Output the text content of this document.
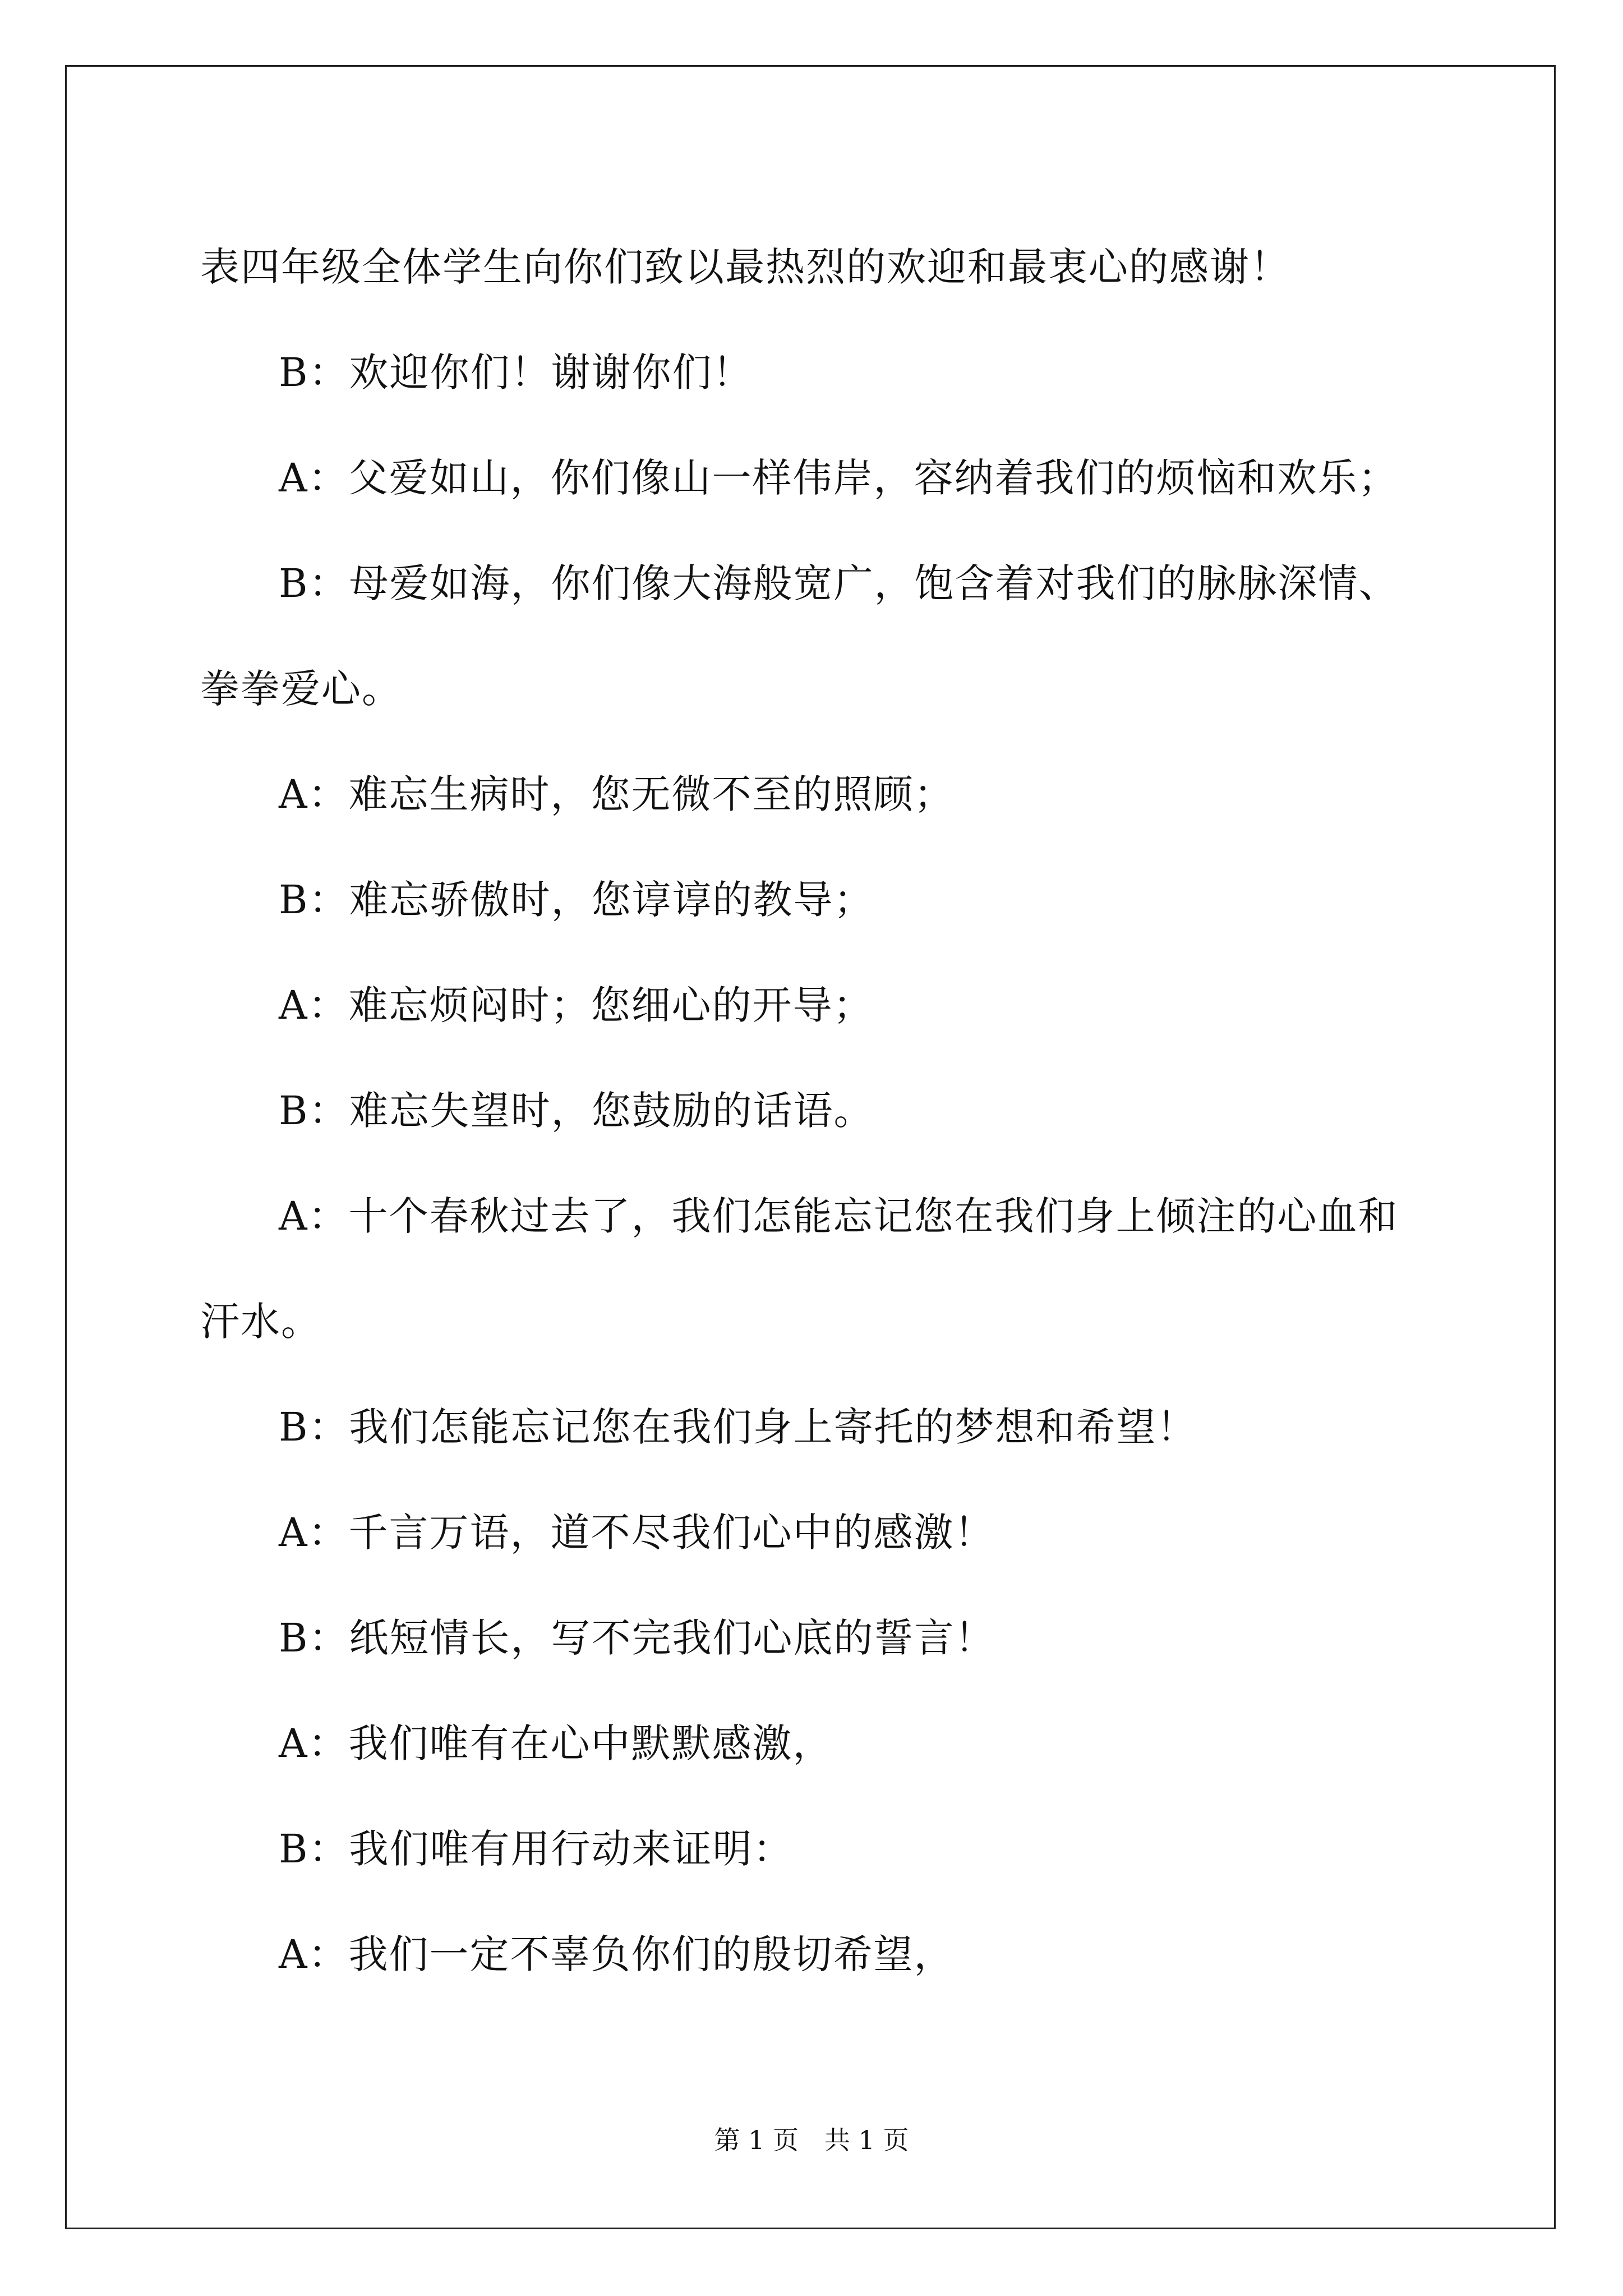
表四年级全体学生向你们致以最热烈的欢迎和最衷心的感谢！

B：欢迎你们！谢谢你们！

A：父爱如山，你们像山一样伟岸，容纳着我们的烦恼和欢乐；

B：母爱如海，你们像大海般宽广，饱含着对我们的脉脉深情、拳拳爱心。

A：难忘生病时，您无微不至的照顾；

B：难忘骄傲时，您谆谆的教导；

A：难忘烦闷时；您细心的开导；

B：难忘失望时，您鼓励的话语。

A：十个春秋过去了，我们怎能忘记您在我们身上倾注的心血和汗水。

B：我们怎能忘记您在我们身上寄托的梦想和希望！

A：千言万语，道不尽我们心中的感激！

B：纸短情长，写不完我们心底的誓言！

A：我们唯有在心中默默感激，

B：我们唯有用行动来证明：

A：我们一定不辜负你们的殷切希望，

第 1 页　共 1 页
